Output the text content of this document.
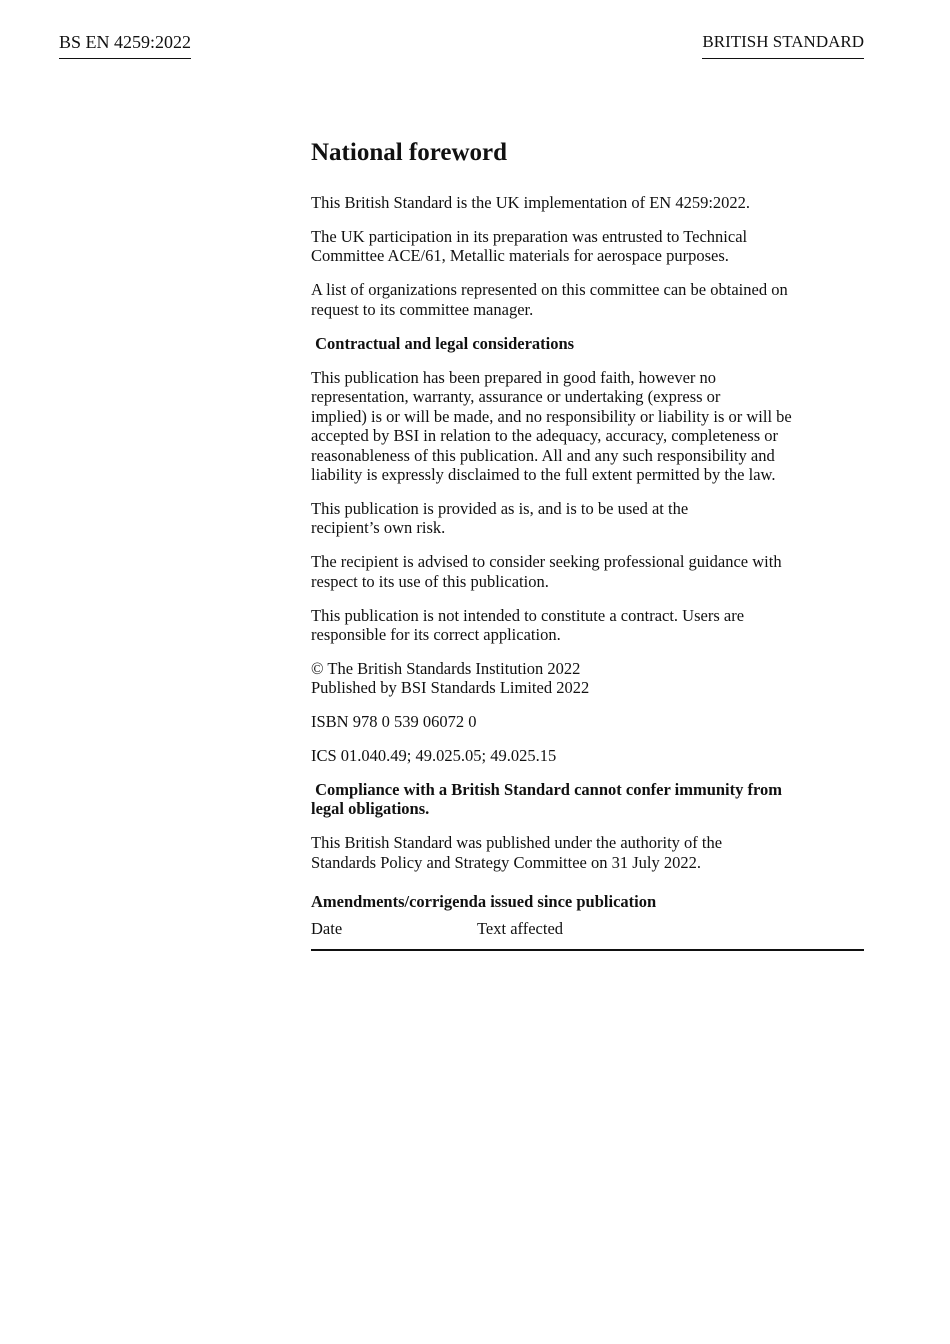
BS EN 4259:2022	BRITISH STANDARD
National foreword
This British Standard is the UK implementation of EN 4259:2022.
The UK participation in its preparation was entrusted to Technical
Committee ACE/61, Metallic materials for aerospace purposes.
A list of organizations represented on this committee can be obtained on
request to its committee manager.
Contractual and legal considerations
This publication has been prepared in good faith, however no
representation, warranty, assurance or undertaking (express or
implied) is or will be made, and no responsibility or liability is or will be
accepted by BSI in relation to the adequacy, accuracy, completeness or
reasonableness of this publication. All and any such responsibility and
liability is expressly disclaimed to the full extent permitted by the law.
This publication is provided as is, and is to be used at the
recipient’s own risk.
The recipient is advised to consider seeking professional guidance with
respect to its use of this publication.
This publication is not intended to constitute a contract. Users are
responsible for its correct application.
© The British Standards Institution 2022
Published by BSI Standards Limited 2022
ISBN 978 0 539 06072 0
ICS 01.040.49; 49.025.05; 49.025.15
Compliance with a British Standard cannot confer immunity from
legal obligations.
This British Standard was published under the authority of the
Standards Policy and Strategy Committee on 31 July 2022.
Amendments/corrigenda issued since publication
Date	Text affected
